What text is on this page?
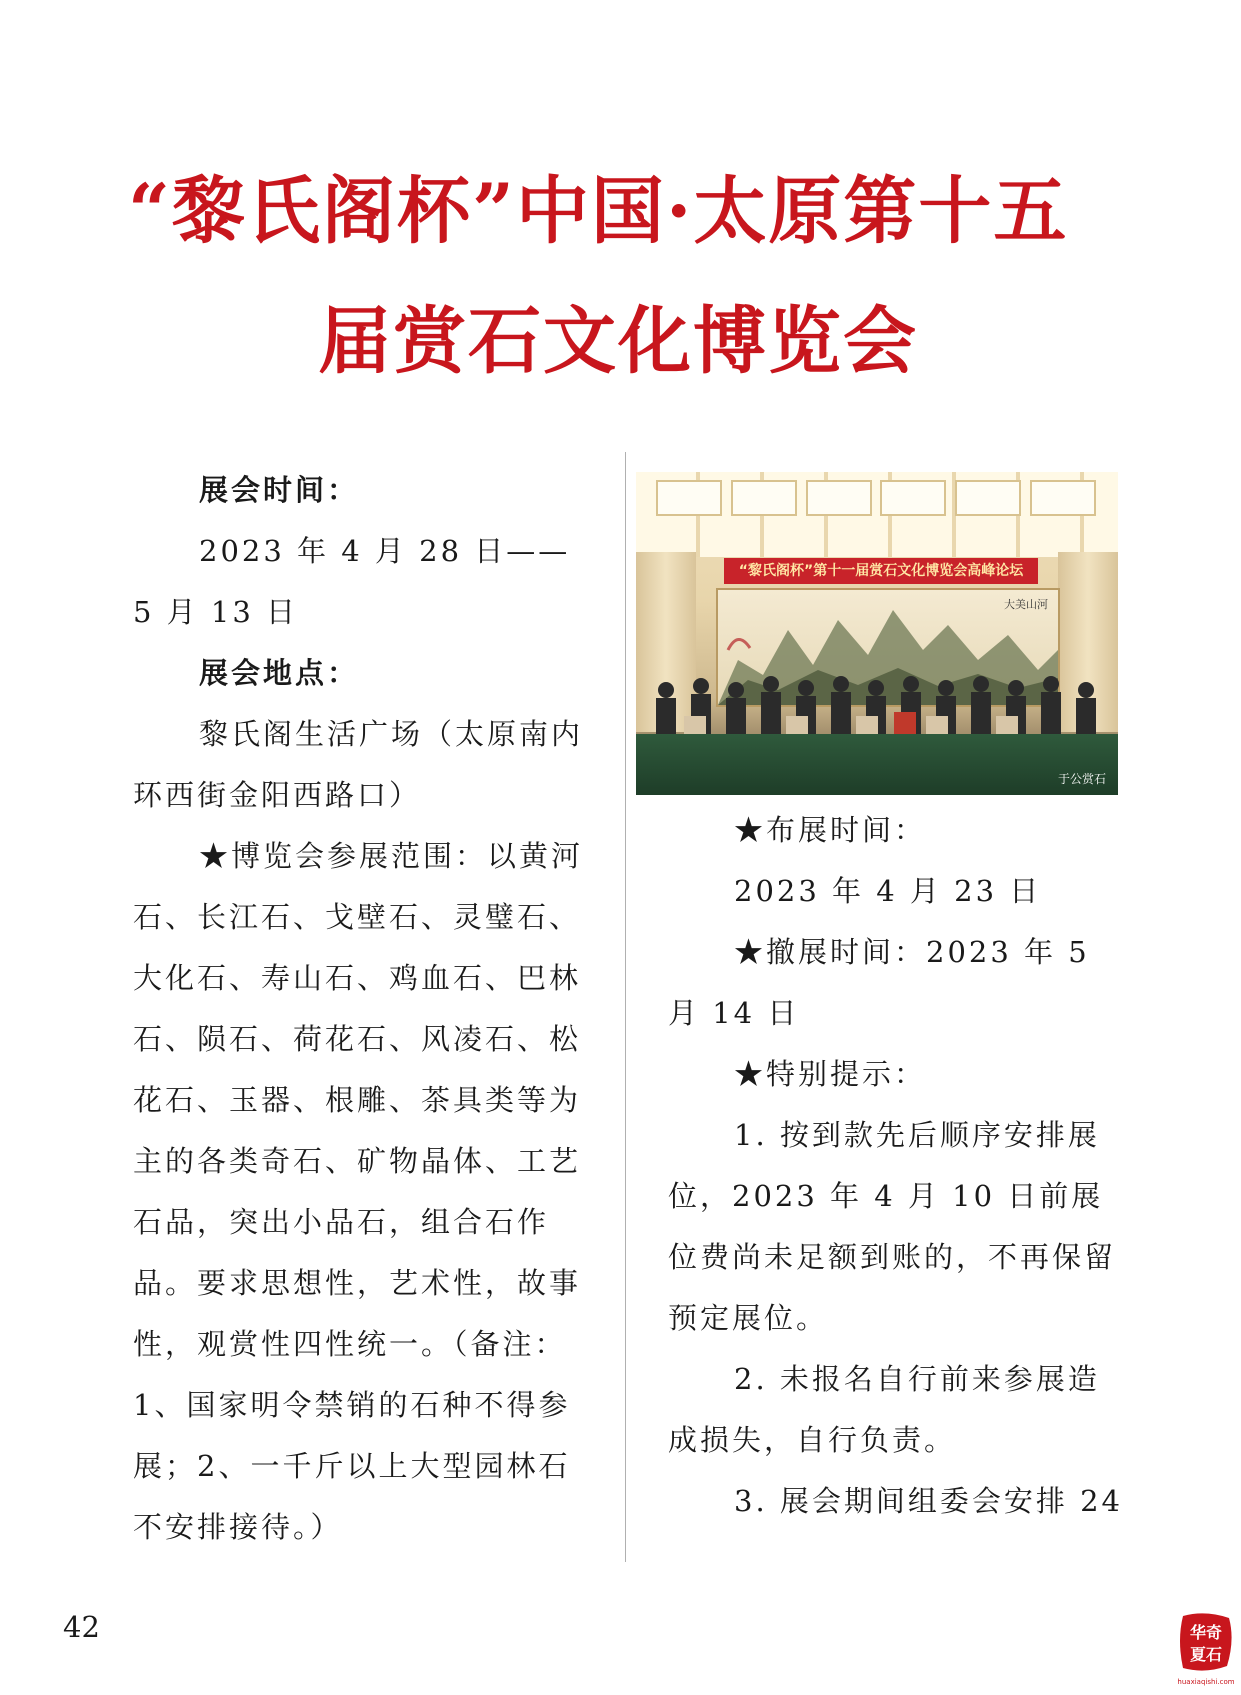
“黎氏阁杯”中国·太原第十五
届赏石文化博览会

展会时间：

2023 年 4 月 28 日——5 月 13 日

展会地点：

黎氏阁生活广场（太原南内环西街金阳西路口）

★博览会参展范围：以黄河石、长江石、戈壁石、灵璧石、大化石、寿山石、鸡血石、巴林石、陨石、荷花石、风凌石、松花石、玉器、根雕、茶具类等为主的各类奇石、矿物晶体、工艺石品，突出小品石，组合石作品。要求思想性，艺术性，故事性，观赏性四性统一。（备注：1、国家明令禁销的石种不得参展；2、一千斤以上大型园林石不安排接待。）

“黎氏阁杯”第十一届赏石文化博览会高峰论坛
大美山河
于公赏石

★布展时间：

2023 年 4 月 23 日

★撤展时间：2023 年 5 月 14 日

★特别提示：

1. 按到款先后顺序安排展位，2023 年 4 月 10 日前展位费尚未足额到账的，不再保留预定展位。

2. 未报名自行前来参展造成损失，自行负责。

3. 展会期间组委会安排 24

42	华奇
夏石
huaxiaqishi.com
